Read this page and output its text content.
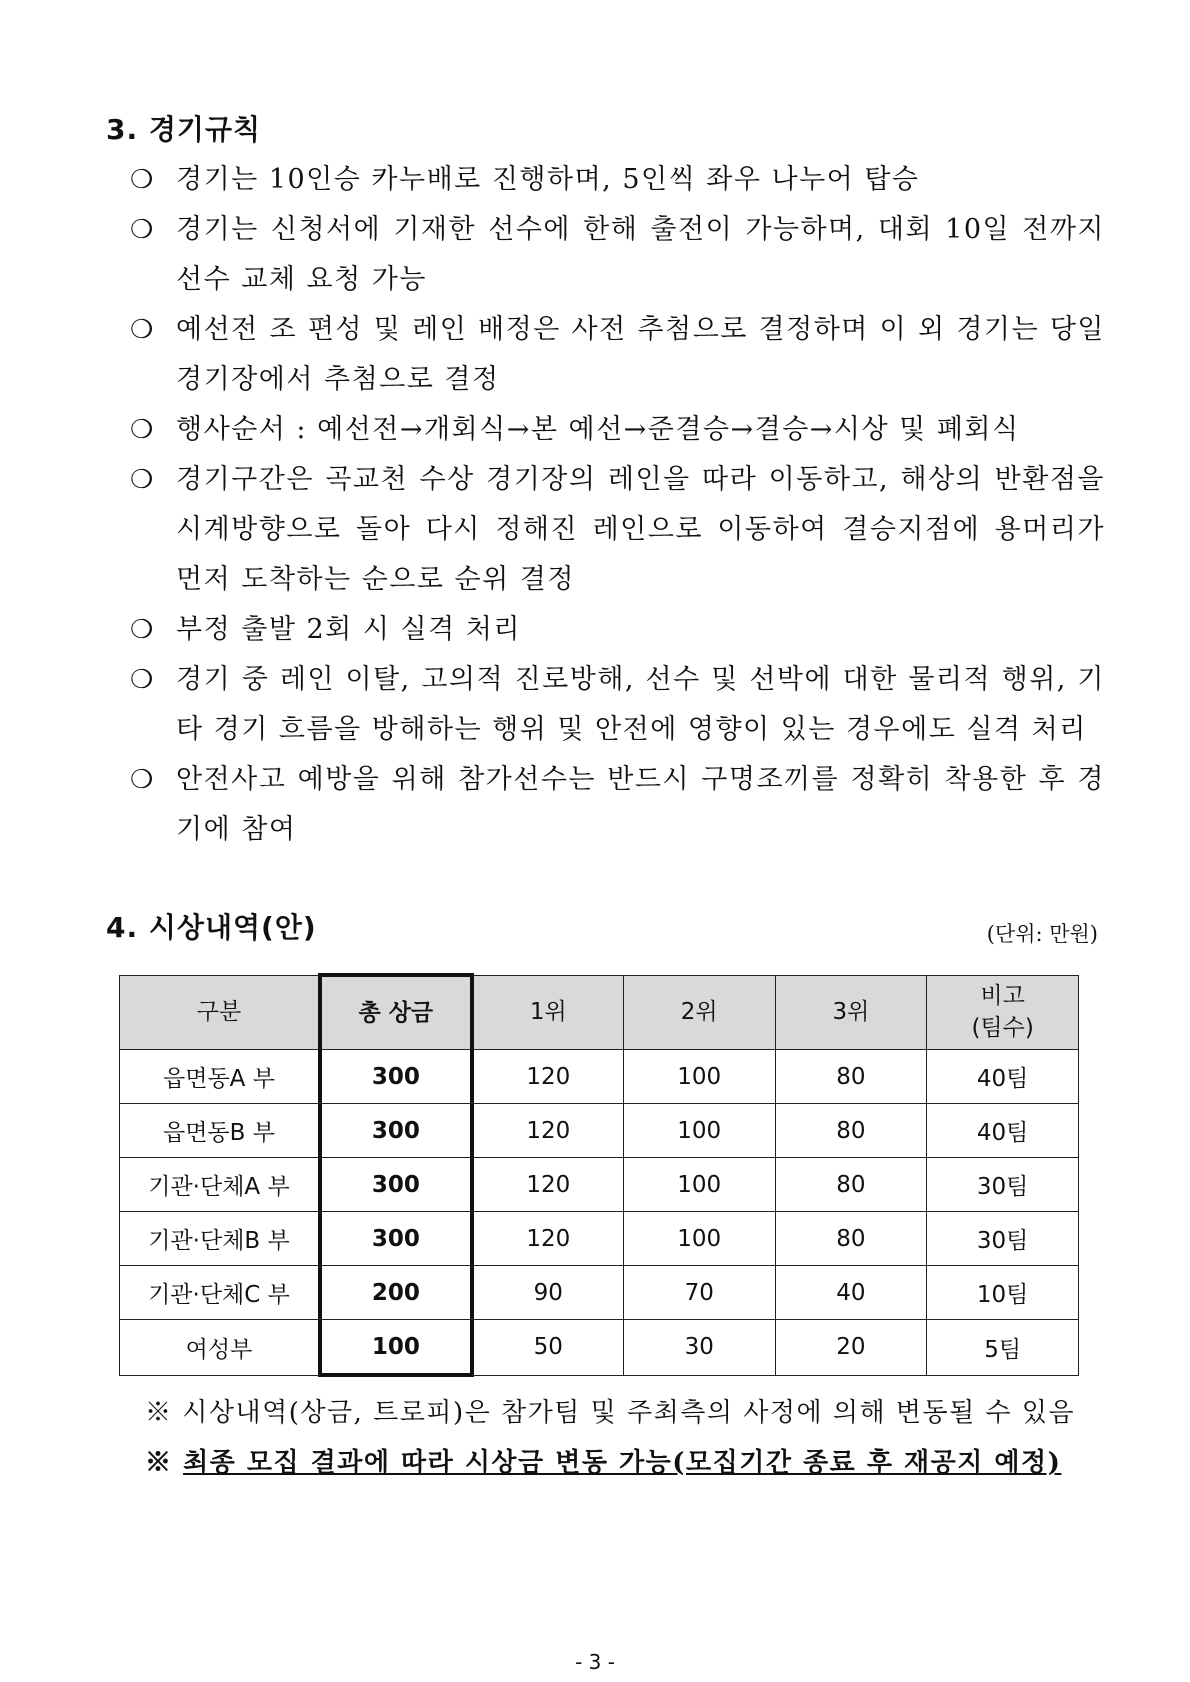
3. 경기규칙
❍ 경기는 10인승 카누배로 진행하며, 5인씩 좌우 나누어 탑승
❍ 경기는 신청서에 기재한 선수에 한해 출전이 가능하며, 대회 10일 전까지 선수 교체 요청 가능
❍ 예선전 조 편성 및 레인 배정은 사전 추첨으로 결정하며 이 외 경기는 당일 경기장에서 추첨으로 결정
❍ 행사순서 : 예선전→개회식→본 예선→준결승→결승→시상 및 폐회식
❍ 경기구간은 곡교천 수상 경기장의 레인을 따라 이동하고, 해상의 반환점을 시계방향으로 돌아 다시 정해진 레인으로 이동하여 결승지점에 용머리가 먼저 도착하는 순으로 순위 결정
❍ 부정 출발 2회 시 실격 처리
❍ 경기 중 레인 이탈, 고의적 진로방해, 선수 및 선박에 대한 물리적 행위, 기타 경기 흐름을 방해하는 행위 및 안전에 영향이 있는 경우에도 실격 처리
❍ 안전사고 예방을 위해 참가선수는 반드시 구명조끼를 정확히 착용한 후 경기에 참여
4. 시상내역(안)	(단위: 만원)
구분	총 상금	1위	2위	3위	비고
(팀수)
읍면동A 부	300	120	100	80	40팀
읍면동B 부	300	120	100	80	40팀
기관·단체A 부	300	120	100	80	30팀
기관·단체B 부	300	120	100	80	30팀
기관·단체C 부	200	90	70	40	10팀
여성부	100	50	30	20	5팀
※ 시상내역(상금, 트로피)은 참가팀 및 주최측의 사정에 의해 변동될 수 있음
※ 최종 모집 결과에 따라 시상금 변동 가능(모집기간 종료 후 재공지 예정)
- 3 -
